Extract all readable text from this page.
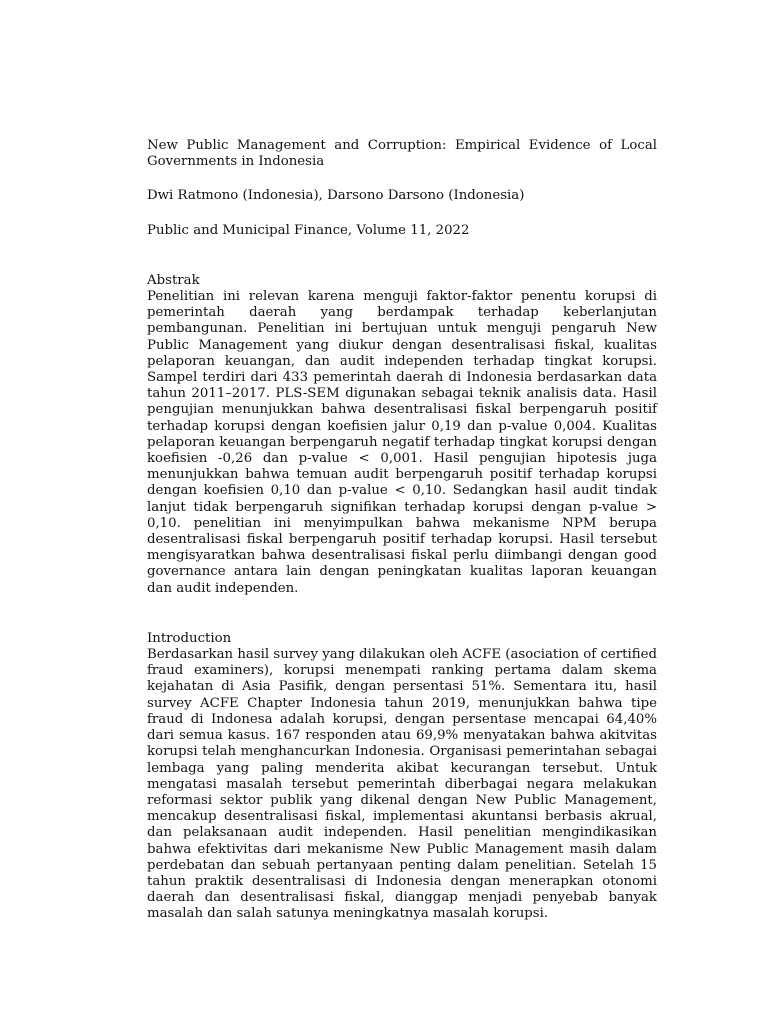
New Public Management and Corruption: Empirical Evidence of Local Governments in Indonesia

Dwi Ratmono (Indonesia), Darsono Darsono (Indonesia)

Public and Municipal Finance, Volume 11, 2022

Abstrak

Penelitian ini relevan karena menguji faktor-faktor penentu korupsi di pemerintah daerah yang berdampak terhadap keberlanjutan pembangunan. Penelitian ini bertujuan untuk menguji pengaruh New Public Management yang diukur dengan desentralisasi fiskal, kualitas pelaporan keuangan, dan audit independen terhadap tingkat korupsi. Sampel terdiri dari 433 pemerintah daerah di Indonesia berdasarkan data tahun 2011–2017. PLS-SEM digunakan sebagai teknik analisis data. Hasil pengujian menunjukkan bahwa desentralisasi fiskal berpengaruh positif terhadap korupsi dengan koefisien jalur 0,19 dan p-value 0,004. Kualitas pelaporan keuangan berpengaruh negatif terhadap tingkat korupsi dengan koefisien -0,26 dan p-value < 0,001. Hasil pengujian hipotesis juga menunjukkan bahwa temuan audit berpengaruh positif terhadap korupsi dengan koefisien 0,10 dan p-value < 0,10. Sedangkan hasil audit tindak lanjut tidak berpengaruh signifikan terhadap korupsi dengan p-value > 0,10. penelitian ini menyimpulkan bahwa mekanisme NPM berupa desentralisasi fiskal berpengaruh positif terhadap korupsi. Hasil tersebut mengisyaratkan bahwa desentralisasi fiskal perlu diimbangi dengan good governance antara lain dengan peningkatan kualitas laporan keuangan dan audit independen.

Introduction

Berdasarkan hasil survey yang dilakukan oleh ACFE (asociation of certified fraud examiners), korupsi menempati ranking pertama dalam skema kejahatan di Asia Pasifik, dengan persentasi 51%. Sementara itu, hasil survey ACFE Chapter Indonesia tahun 2019, menunjukkan bahwa tipe fraud di Indonesa adalah korupsi, dengan persentase mencapai 64,40% dari semua kasus. 167 responden atau 69,9% menyatakan bahwa akitvitas korupsi telah menghancurkan Indonesia. Organisasi pemerintahan sebagai lembaga yang paling menderita akibat kecurangan tersebut. Untuk mengatasi masalah tersebut pemerintah diberbagai negara melakukan reformasi sektor publik yang dikenal dengan New Public Management, mencakup desentralisasi fiskal, implementasi akuntansi berbasis akrual, dan pelaksanaan audit independen. Hasil penelitian mengindikasikan bahwa efektivitas dari mekanisme New Public Management masih dalam perdebatan dan sebuah pertanyaan penting dalam penelitian. Setelah 15 tahun praktik desentralisasi di Indonesia dengan menerapkan otonomi daerah dan desentralisasi fiskal, dianggap menjadi penyebab banyak masalah dan salah satunya meningkatnya masalah korupsi.
